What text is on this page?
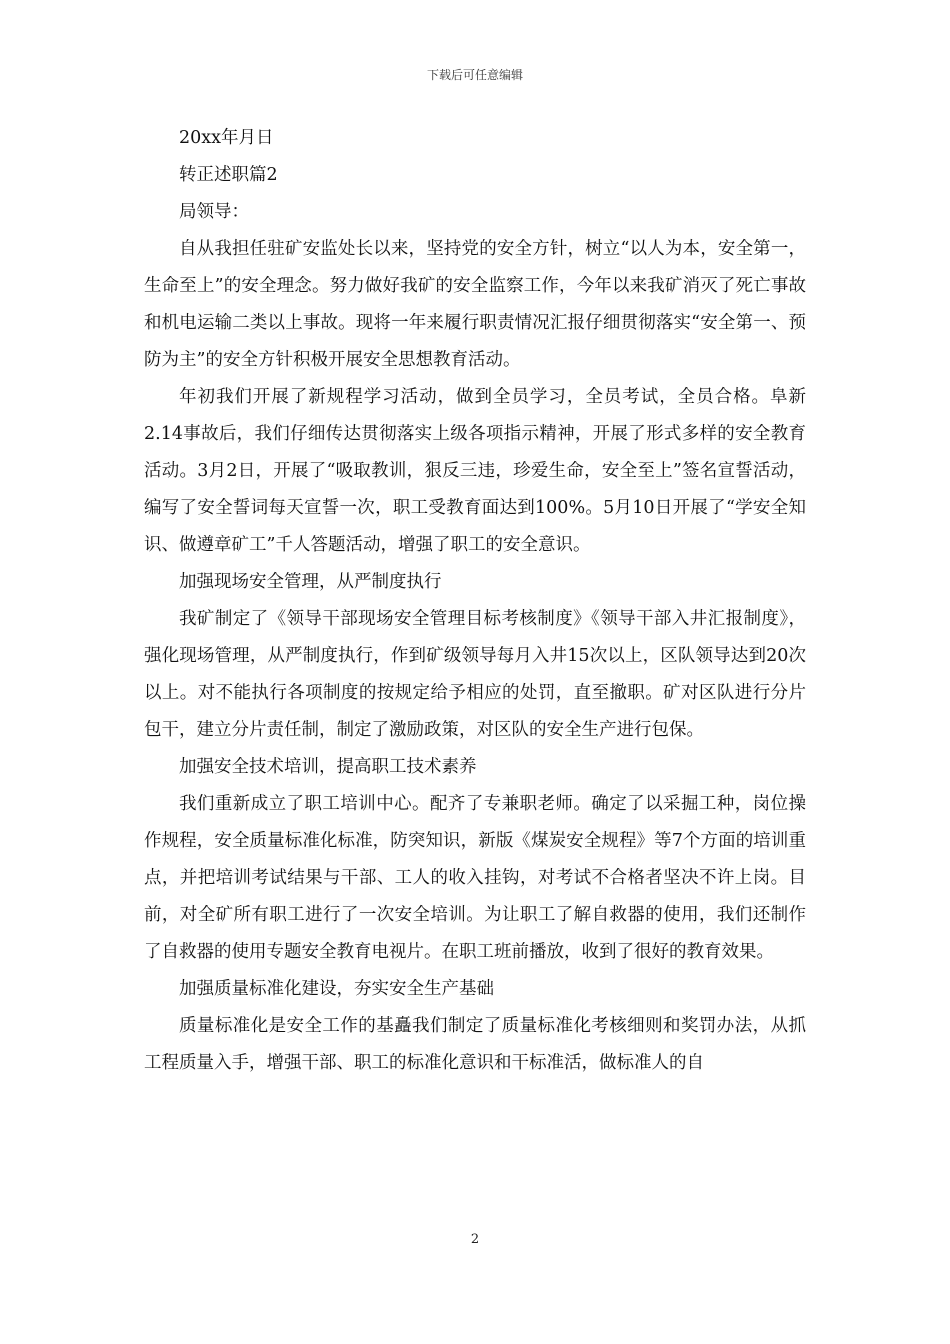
下载后可任意编辑

20xx年月日

转正述职篇2

局领导：

自从我担任驻矿安监处长以来，坚持党的安全方针，树立“以人为本，安全第一，生命至上”的安全理念。努力做好我矿的安全监察工作，今年以来我矿消灭了死亡事故和机电运输二类以上事故。现将一年来履行职责情况汇报仔细贯彻落实“安全第一、预防为主”的安全方针积极开展安全思想教育活动。

年初我们开展了新规程学习活动，做到全员学习，全员考试，全员合格。阜新2.14事故后，我们仔细传达贯彻落实上级各项指示精神，开展了形式多样的安全教育活动。3月2日，开展了“吸取教训，狠反三违，珍爱生命，安全至上”签名宣誓活动，编写了安全誓词每天宣誓一次，职工受教育面达到100%。5月10日开展了“学安全知识、做遵章矿工”千人答题活动，增强了职工的安全意识。

加强现场安全管理，从严制度执行

我矿制定了《领导干部现场安全管理目标考核制度》《领导干部入井汇报制度》，强化现场管理，从严制度执行，作到矿级领导每月入井15次以上，区队领导达到20次以上。对不能执行各项制度的按规定给予相应的处罚，直至撤职。矿对区队进行分片包干，建立分片责任制，制定了激励政策，对区队的安全生产进行包保。

加强安全技术培训，提高职工技术素养

我们重新成立了职工培训中心。配齐了专兼职老师。确定了以采掘工种，岗位操作规程，安全质量标准化标准，防突知识，新版《煤炭安全规程》等7个方面的培训重点，并把培训考试结果与干部、工人的收入挂钩，对考试不合格者坚决不许上岗。目前，对全矿所有职工进行了一次安全培训。为让职工了解自救器的使用，我们还制作了自救器的使用专题安全教育电视片。在职工班前播放，收到了很好的教育效果。

加强质量标准化建设，夯实安全生产基础

质量标准化是安全工作的基矗我们制定了质量标准化考核细则和奖罚办法，从抓工程质量入手，增强干部、职工的标准化意识和干标准活，做标准人的自

2
